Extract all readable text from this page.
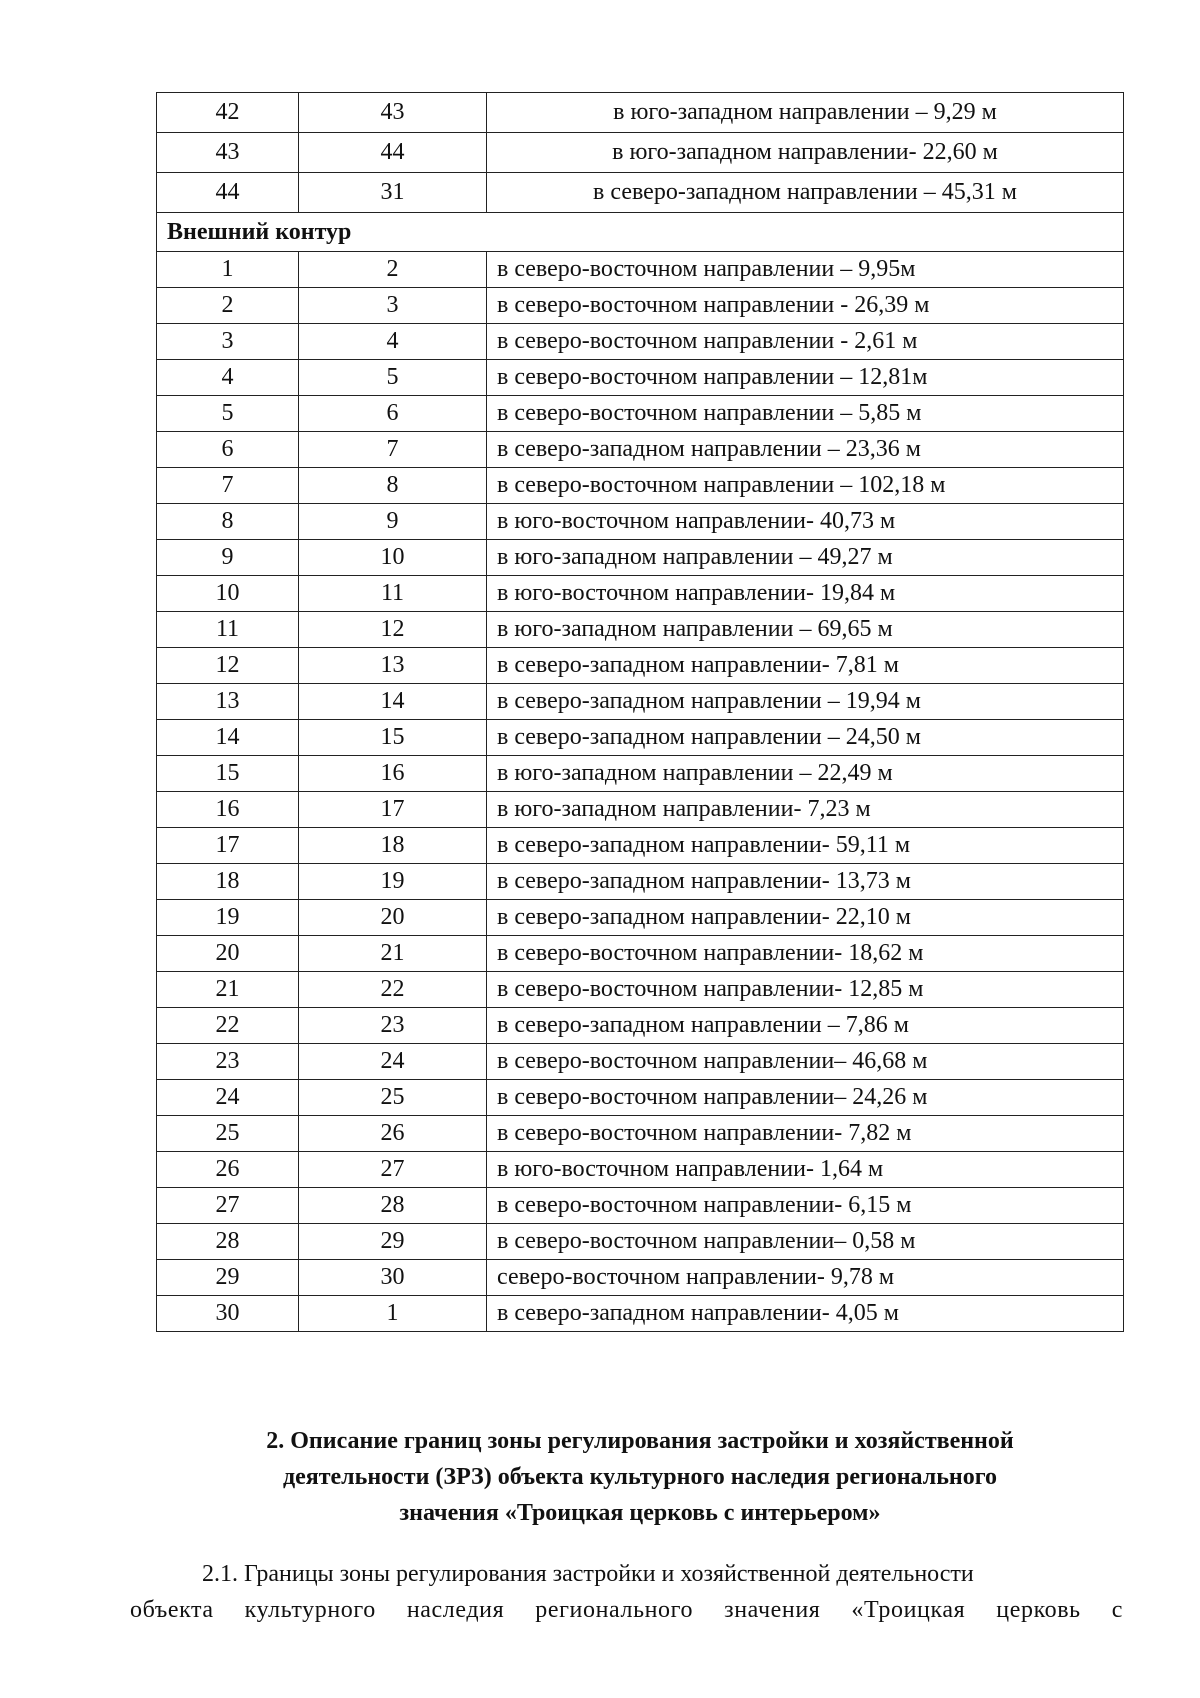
42	43	в юго-западном направлении – 9,29 м
43	44	в юго-западном направлении- 22,60 м
44	31	в северо-западном направлении – 45,31 м
Внешний контур		
1	2	в северо-восточном направлении – 9,95м
2	3	в северо-восточном направлении - 26,39 м
3	4	в северо-восточном направлении - 2,61 м
4	5	в северо-восточном направлении – 12,81м
5	6	в северо-восточном направлении – 5,85 м
6	7	в северо-западном направлении – 23,36 м
7	8	в северо-восточном направлении – 102,18 м
8	9	в юго-восточном направлении- 40,73 м
9	10	в юго-западном направлении – 49,27 м
10	11	в юго-восточном направлении- 19,84 м
11	12	в юго-западном направлении – 69,65 м
12	13	в северо-западном направлении- 7,81 м
13	14	в северо-западном направлении – 19,94 м
14	15	в северо-западном направлении – 24,50 м
15	16	в юго-западном направлении – 22,49 м
16	17	в юго-западном направлении- 7,23 м
17	18	в северо-западном направлении- 59,11 м
18	19	в северо-западном направлении- 13,73 м
19	20	в северо-западном направлении- 22,10 м
20	21	в северо-восточном направлении- 18,62 м
21	22	в северо-восточном направлении- 12,85 м
22	23	в северо-западном направлении – 7,86 м
23	24	в северо-восточном направлении– 46,68 м
24	25	в северо-восточном направлении– 24,26 м
25	26	в северо-восточном направлении- 7,82 м
26	27	в юго-восточном направлении- 1,64 м
27	28	в северо-восточном направлении- 6,15 м
28	29	в северо-восточном направлении– 0,58 м
29	30	северо-восточном направлении- 9,78 м
30	1	в северо-западном направлении- 4,05 м
2. Описание границ зоны регулирования застройки и хозяйственной
деятельности (ЗРЗ) объекта культурного наследия регионального
значения «Троицкая церковь с интерьером»
2.1. Границы зоны регулирования застройки и хозяйственной деятельности
объекта культурного наследия регионального значения «Троицкая церковь с
